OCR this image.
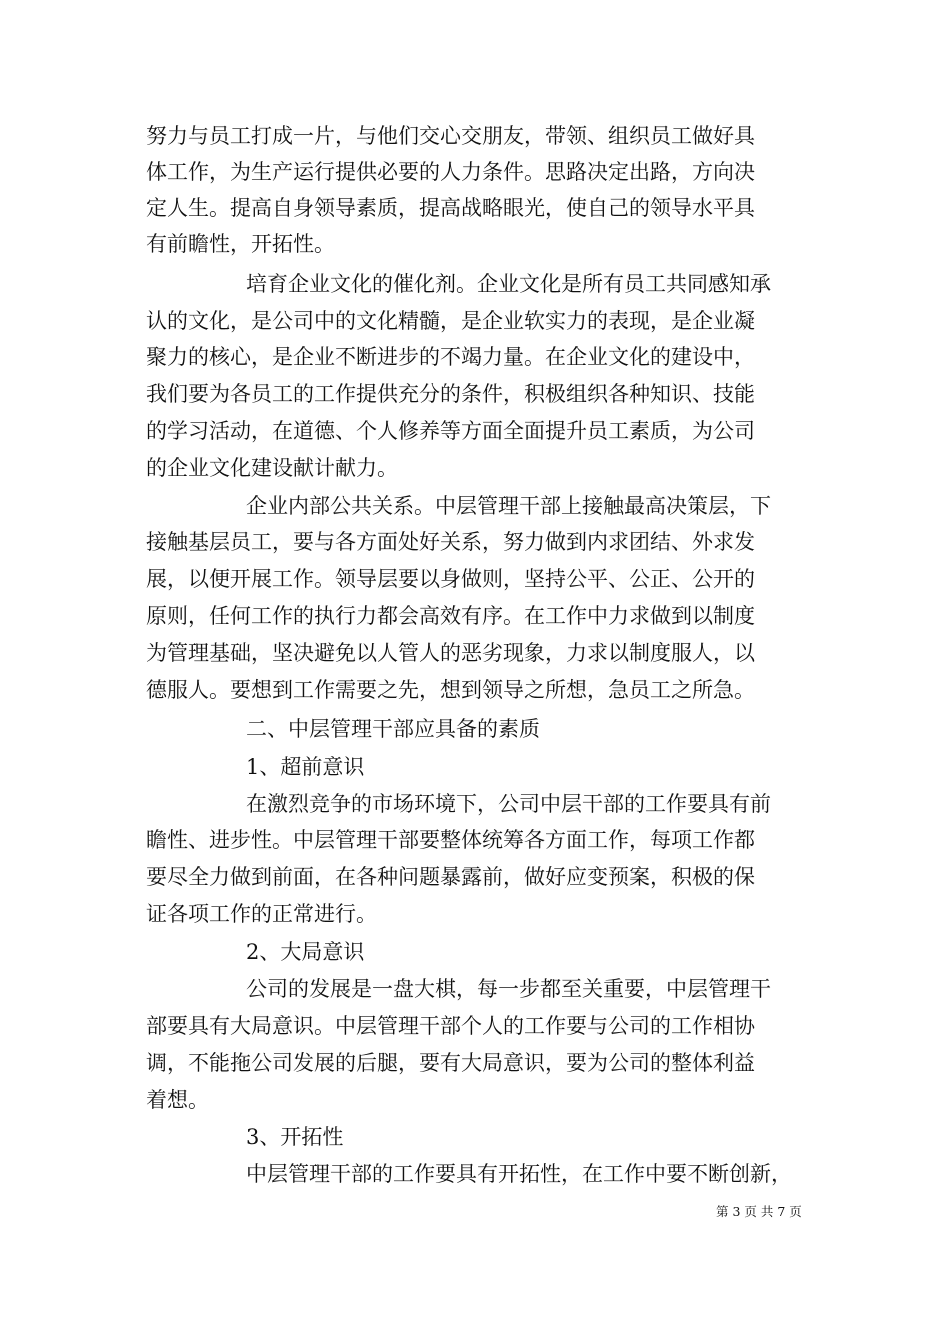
努力与员工打成一片，与他们交心交朋友，带领、组织员工做好具
体工作，为生产运行提供必要的人力条件。思路决定出路，方向决
定人生。提高自身领导素质，提高战略眼光，使自己的领导水平具
有前瞻性，开拓性。
培育企业文化的催化剂。企业文化是所有员工共同感知承
认的文化，是公司中的文化精髓，是企业软实力的表现，是企业凝
聚力的核心，是企业不断进步的不竭力量。在企业文化的建设中，
我们要为各员工的工作提供充分的条件，积极组织各种知识、技能
的学习活动，在道德、个人修养等方面全面提升员工素质，为公司
的企业文化建设献计献力。
企业内部公共关系。中层管理干部上接触最高决策层，下
接触基层员工，要与各方面处好关系，努力做到内求团结、外求发
展，以便开展工作。领导层要以身做则，坚持公平、公正、公开的
原则，任何工作的执行力都会高效有序。在工作中力求做到以制度
为管理基础，坚决避免以人管人的恶劣现象，力求以制度服人，以
德服人。要想到工作需要之先，想到领导之所想，急员工之所急。
二、中层管理干部应具备的素质
1、超前意识
在激烈竞争的市场环境下，公司中层干部的工作要具有前
瞻性、进步性。中层管理干部要整体统筹各方面工作，每项工作都
要尽全力做到前面，在各种问题暴露前，做好应变预案，积极的保
证各项工作的正常进行。
2、大局意识
公司的发展是一盘大棋，每一步都至关重要，中层管理干
部要具有大局意识。中层管理干部个人的工作要与公司的工作相协
调，不能拖公司发展的后腿，要有大局意识，要为公司的整体利益
着想。
3、开拓性
中层管理干部的工作要具有开拓性，在工作中要不断创新，
第 3 页 共 7 页
